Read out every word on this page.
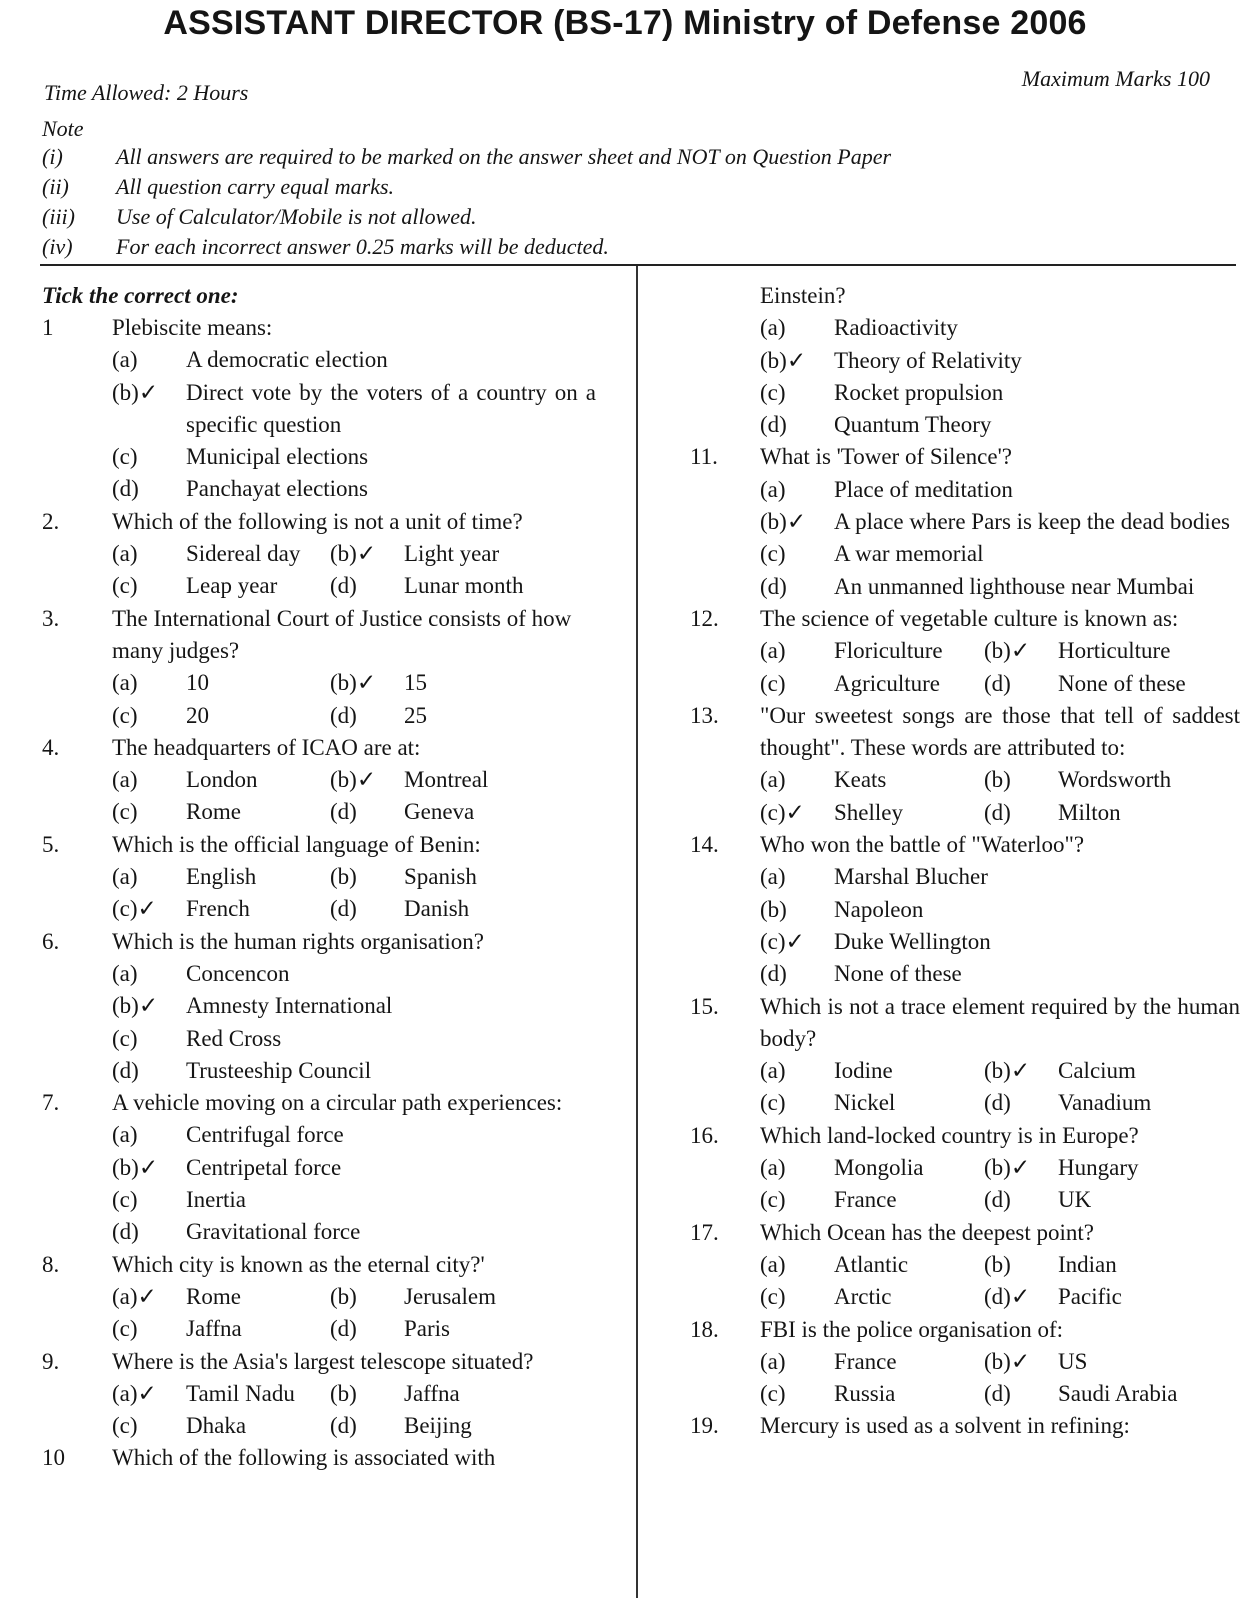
ASSISTANT DIRECTOR (BS-17) Ministry of Defense 2006
Time Allowed: 2 Hours
Maximum Marks 100
Note
(i)	All answers are required to be marked on the answer sheet and NOT on Question Paper
(ii)	All question carry equal marks.
(iii)	Use of Calculator/Mobile is not allowed.
(iv)	For each incorrect answer 0.25 marks will be deducted.
Tick the correct one:
1	Plebiscite means:
(a)	A democratic election
(b)✓	Direct vote by the voters of a country on a specific question
(c)	Municipal elections
(d)	Panchayat elections
2.	Which of the following is not a unit of time?
(a)	Sidereal day	(b)✓	Light year
(c)	Leap year	(d)	Lunar month
3.	The International Court of Justice consists of how many judges?
(a)	10	(b)✓	15
(c)	20	(d)	25
4.	The headquarters of ICAO are at:
(a)	London	(b)✓	Montreal
(c)	Rome	(d)	Geneva
5.	Which is the official language of Benin:
(a)	English	(b)	Spanish
(c)✓	French	(d)	Danish
6.	Which is the human rights organisation?
(a)	Concencon
(b)✓	Amnesty International
(c)	Red Cross
(d)	Trusteeship Council
7.	A vehicle moving on a circular path experiences:
(a)	Centrifugal force
(b)✓	Centripetal force
(c)	Inertia
(d)	Gravitational force
8.	Which city is known as the eternal city?'
(a)✓	Rome	(b)	Jerusalem
(c)	Jaffna	(d)	Paris
9.	Where is the Asia's largest telescope situated?
(a)✓	Tamil Nadu	(b)	Jaffna
(c)	Dhaka	(d)	Beijing
10	Which of the following is associated with
Einstein?
(a)	Radioactivity
(b)✓	Theory of Relativity
(c)	Rocket propulsion
(d)	Quantum Theory
11.	What is 'Tower of Silence'?
(a)	Place of meditation
(b)✓	A place where Pars is keep the dead bodies
(c)	A war memorial
(d)	An unmanned lighthouse near Mumbai
12.	The science of vegetable culture is known as:
(a)	Floriculture	(b)✓	Horticulture
(c)	Agriculture	(d)	None of these
13.	"Our sweetest songs are those that tell of saddest thought". These words are attributed to:
(a)	Keats	(b)	Wordsworth
(c)✓	Shelley	(d)	Milton
14.	Who won the battle of "Waterloo"?
(a)	Marshal Blucher
(b)	Napoleon
(c)✓	Duke Wellington
(d)	None of these
15.	Which is not a trace element required by the human body?
(a)	Iodine	(b)✓	Calcium
(c)	Nickel	(d)	Vanadium
16.	Which land-locked country is in Europe?
(a)	Mongolia	(b)✓	Hungary
(c)	France	(d)	UK
17.	Which Ocean has the deepest point?
(a)	Atlantic	(b)	Indian
(c)	Arctic	(d)✓	Pacific
18.	FBI is the police organisation of:
(a)	France	(b)✓	US
(c)	Russia	(d)	Saudi Arabia
19.	Mercury is used as a solvent in refining:
